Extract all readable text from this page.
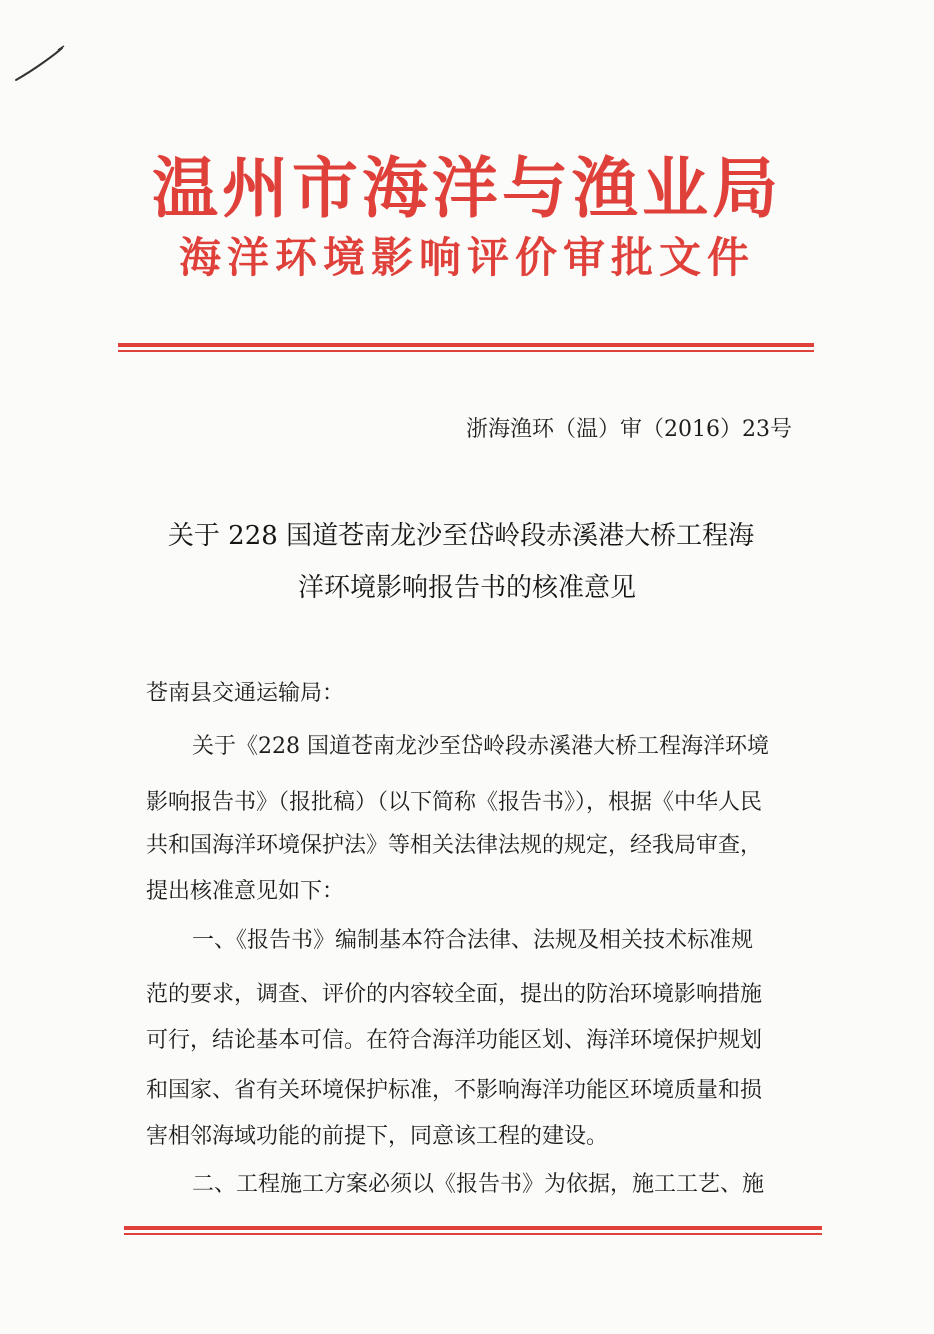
温州市海洋与渔业局
海洋环境影响评价审批文件
浙海渔环（温）审（2016）23号
关于 228 国道苍南龙沙至岱岭段赤溪港大桥工程海
洋环境影响报告书的核准意见
苍南县交通运输局：
关于《228 国道苍南龙沙至岱岭段赤溪港大桥工程海洋环境
影响报告书》（报批稿）（以下简称《报告书》），根据《中华人民
共和国海洋环境保护法》等相关法律法规的规定，经我局审查，
提出核准意见如下：
一、《报告书》编制基本符合法律、法规及相关技术标准规
范的要求，调查、评价的内容较全面，提出的防治环境影响措施
可行，结论基本可信。在符合海洋功能区划、海洋环境保护规划
和国家、省有关环境保护标准，不影响海洋功能区环境质量和损
害相邻海域功能的前提下，同意该工程的建设。
二、工程施工方案必须以《报告书》为依据，施工工艺、施
